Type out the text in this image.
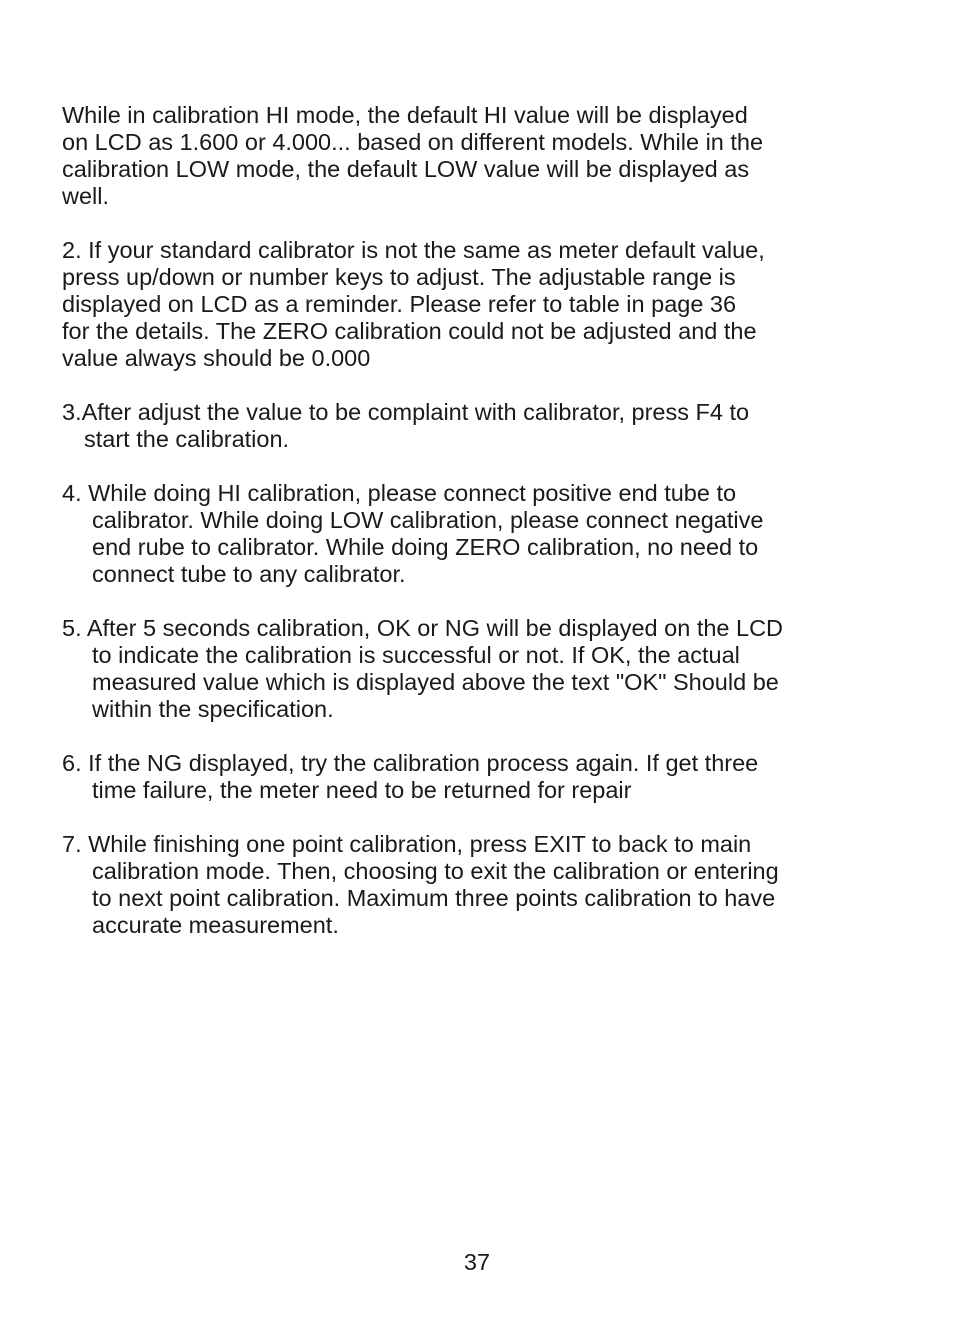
While in calibration HI mode, the default HI value will be displayed
on LCD as 1.600 or 4.000... based on different models. While in the
calibration LOW mode, the default LOW value will be displayed as
well.
2. If your standard calibrator is not the same as meter default value,
press up/down or number keys to adjust. The adjustable range is
displayed on LCD as a reminder. Please refer to table in page 36
for the details. The ZERO calibration could not be adjusted and the
value always should be 0.000
3.After adjust the value to be complaint with calibrator, press F4 to
start the calibration.
4. While doing HI calibration, please connect positive end tube to
calibrator. While doing LOW calibration, please connect negative
end rube to calibrator. While doing ZERO calibration, no need to
connect tube to any calibrator.
5. After 5 seconds calibration, OK or NG will be displayed on the LCD
to indicate the calibration is successful or not. If OK, the actual
measured value which is displayed above the text "OK" Should be
within the specification.
6. If the NG displayed, try the calibration process again. If get three
time failure, the meter need to be returned for repair
7. While finishing one point calibration, press EXIT to back to main
calibration mode. Then, choosing to exit the calibration or entering
to next point calibration. Maximum three points calibration to have
accurate measurement.
37
